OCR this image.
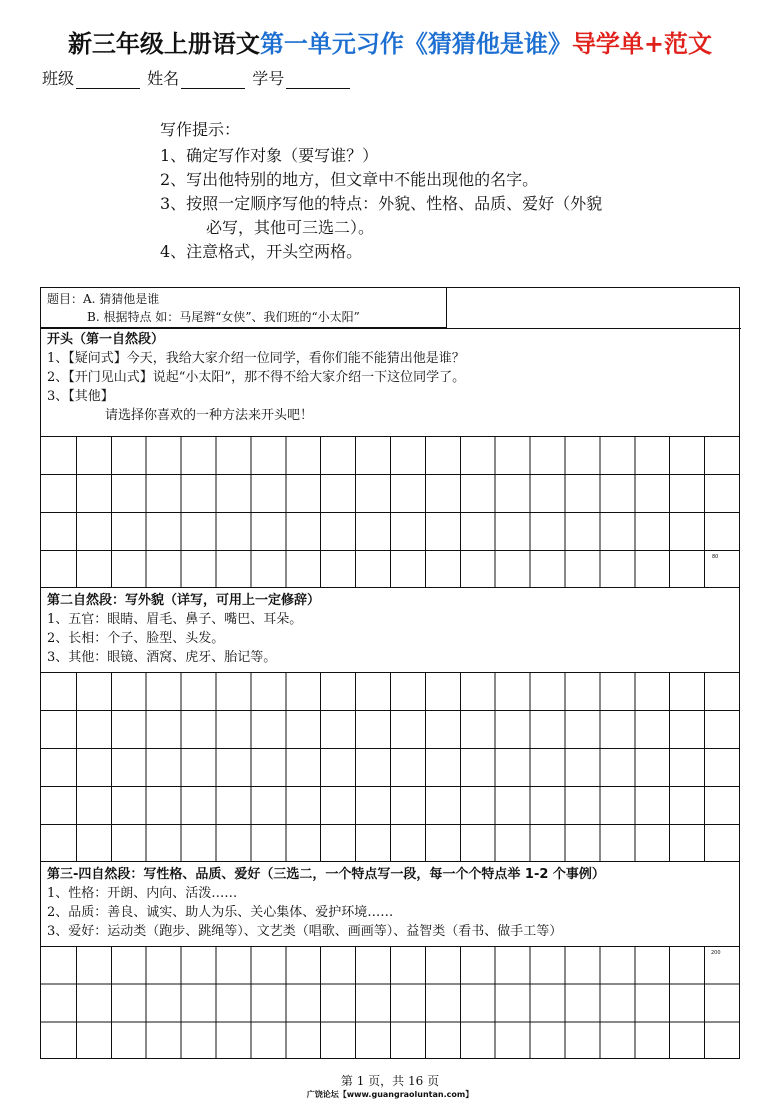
新三年级上册语文第一单元习作《猜猜他是谁》导学单+范文
班级	姓名	学号
写作提示：
1、确定写作对象（要写谁？）
2、写出他特别的地方，但文章中不能出现他的名字。
3、按照一定顺序写他的特点：外貌、性格、品质、爱好（外貌
必写，其他可三选二）。
4、注意格式，开头空两格。
题目：A. 猜猜他是谁
B. 根据特点 如：马尾辫“女侠”、我们班的“小太阳”
开头（第一自然段）
1、【疑问式】今天，我给大家介绍一位同学，看你们能不能猜出他是谁？
2、【开门见山式】说起“小太阳”，那不得不给大家介绍一下这位同学了。
3、【其他】
请选择你喜欢的一种方法来开头吧！
80
第二自然段：写外貌（详写，可用上一定修辞）
1、五官：眼睛、眉毛、鼻子、嘴巴、耳朵。
2、长相：个子、脸型、头发。
3、其他：眼镜、酒窝、虎牙、胎记等。
第三-四自然段：写性格、品质、爱好（三选二，一个特点写一段，每一个个特点举 1-2 个事例）
1、性格：开朗、内向、活泼……
2、品质：善良、诚实、助人为乐、关心集体、爱护环境……
3、爱好：运动类（跑步、跳绳等）、文艺类（唱歌、画画等）、益智类（看书、做手工等）
200
第 1 页，共 16 页
广饶论坛【www.guangraoluntan.com】
